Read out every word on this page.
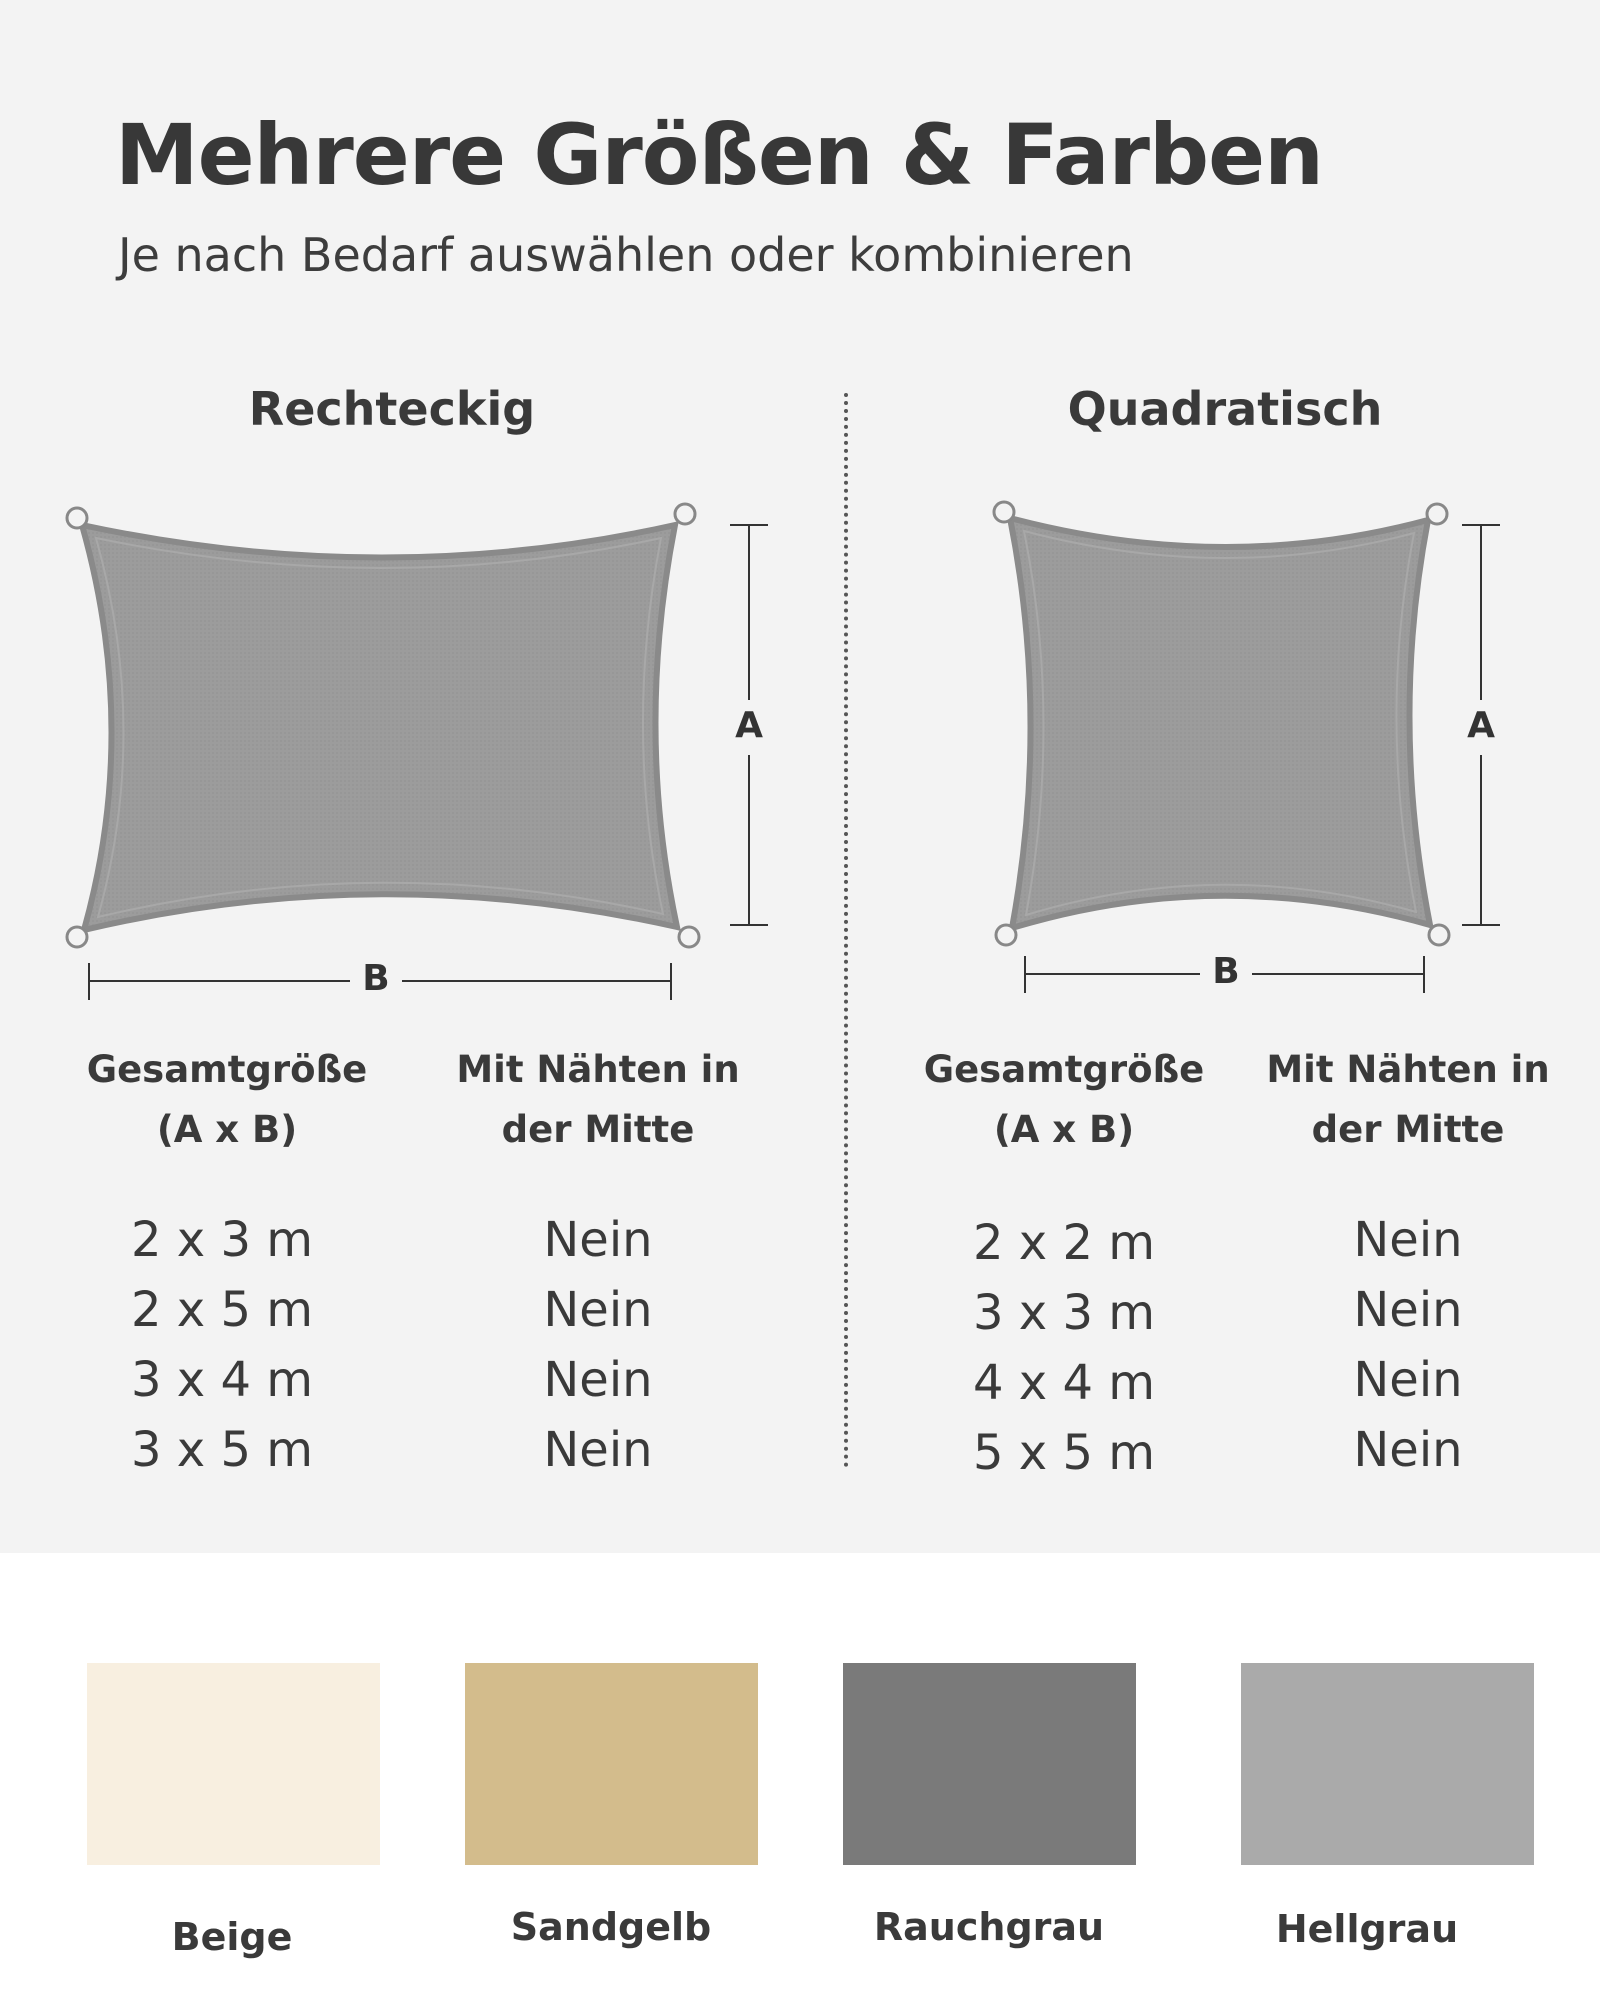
Mehrere Größen & Farben
Je nach Bedarf auswählen oder kombinieren
Rechteckig	Quadratisch
A
B
A
B
Gesamtgröße
(A x B)
Mit Nähten in
der Mitte
Gesamtgröße
(A x B)
Mit Nähten in
der Mitte
2 x 3 m	Nein
2 x 5 m	Nein
3 x 4 m	Nein
3 x 5 m	Nein
2 x 2 m	Nein
3 x 3 m	Nein
4 x 4 m	Nein
5 x 5 m	Nein
Beige	Sandgelb	Rauchgrau	Hellgrau
